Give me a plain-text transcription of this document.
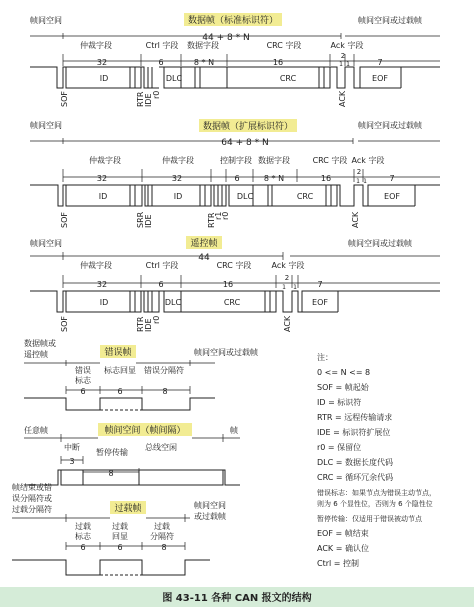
数据帧（标准标识符）
帧间空间	帧间空间或过载帧
44 + 8 * N
仲裁字段	Ctrl 字段 数据字段	CRC 字段	Ack 字段
32	6	8 * N	16
2
7
1 1
ID	DLC	CRC	EOF
SOF	RTR IDE r0	ACK
数据帧（扩展标识符）
帧间空间	帧间空间或过载帧
64 + 8 * N
仲裁字段	仲裁字段	控制字段 数据字段	CRC 字段 Ack 字段
32	32	6	8 * N	16
2
7
1 1
ID	ID	DLC	CRC	EOF
SOF	SRR IDE	RTR
r1
r0	ACK
遥控帧
帧间空间	帧间空间或过载帧
44
仲裁字段	Ctrl 字段	CRC 字段	Ack 字段
32	6	16
2
7
1 1
ID	DLC	CRC	EOF
SOF	RTR IDE r0	ACK
数据帧或
遥控帧	错误帧	帧间空间或过载帧
错误
标志
标志回显 错误分隔符
6	6	8
任意帧	帧间空间（帧间隔）	帧
中断
暂停传输
总线空闲
3
8
帧结束或错
误分隔符或
过载分隔符	过载帧	帧间空间
或过载帧
过载
标志
过载
回显
过载
分隔符
6	6	8
注：
0 <= N <= 8
SOF = 帧起始
ID = 标识符
RTR = 远程传输请求
IDE = 标识符扩展位
r0 = 保留位
DLC = 数据长度代码
CRC = 循环冗余代码
错误标志：如果节点为错误主动节点，
则为 6 个显性位，否则为 6 个隐性位
暂停传输：仅适用于错误被动节点
EOF = 帧结束
ACK = 确认位
Ctrl = 控制
图 43-11 各种 CAN 报文的结构
